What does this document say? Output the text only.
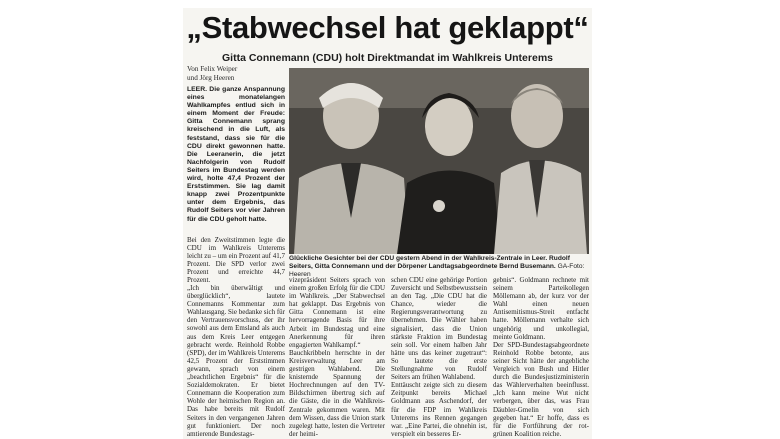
„Stabwechsel hat geklappt“
Gitta Connemann (CDU) holt Direktmandat im Wahlkreis Unterems
Von Felix Weiper
und Jörg Heeren
LEER. Die ganze Anspannung eines monatelangen Wahlkampfes entlud sich in einem Moment der Freude: Gitta Connemann sprang kreischend in die Luft, als feststand, dass sie für die CDU direkt gewonnen hatte. Die Leeranerin, die jetzt Nachfolgerin von Rudolf Seiters im Bundestag werden wird, holte 47,4 Prozent der Erststimmen. Sie lag damit knapp zwei Prozentpunkte unter dem Ergebnis, das Rudolf Seiters vor vier Jahren für die CDU geholt hatte.
Bei den Zweitstimmen legte die CDU im Wahlkreis Unterems leicht zu – um ein Prozent auf 41,7 Prozent. Die SPD verlor zwei Prozent und erreichte 44,7 Prozent.
„Ich bin überwältigt und überglücklich“, lautete Connemanns Kommentar zum Wahlausgang. Sie bedanke sich für den Vertrauensvorschuss, der ihr sowohl aus dem Emsland als auch aus dem Kreis Leer entgegen gebracht werde. Reinhold Robbe (SPD), der im Wahlkreis Unterems 42,5 Prozent der Erststimmen gewann, sprach von einem „beachtlichen Ergebnis“ für die Sozialdemokraten. Er bietet Connemann die Kooperation zum Wohle der heimischen Region an. Das habe bereits mit Rudolf Seiters in den vergangenen Jahren gut funktioniert. Der noch amtierende Bundestags-
Glückliche Gesichter bei der CDU gestern Abend in der Wahlkreis-Zentrale in Leer. Rudolf Seiters, Gitta Connemann und der Dörpener Landtagsabgeordnete Bernd Busemann. GA-Foto: Heeren

vizepräsident Seiters sprach von einem großen Erfolg für die CDU im Wahlkreis. „Der Stabwechsel hat geklappt. Das Ergebnis von Gitta Connemann ist eine hervorragende Basis für ihre Arbeit im Bundestag und eine Anerkennung für ihren engagierten Wahlkampf.“

Bauchkribbeln herrschte in der Kreisverwaltung Leer am gestrigen Wahlabend. Die knisternde Spannung der Hochrechnungen auf den TV-Bildschirmen übertrug sich auf die Gäste, die in die Wahlkreis-Zentrale gekommen waren. Mit dem Wissen, dass die Union stark zugelegt hatte, lesten die Vertreter der heimi-

schen CDU eine gehörige Portion Zuversicht und Selbstbewusstsein an den Tag. „Die CDU hat die Chance, wieder die Regierungsverantwortung zu übernehmen. Die Wähler haben signalisiert, dass die Union stärkste Fraktion im Bundestag sein soll. Vor einem halben Jahr hätte uns das keiner zugetraut“: So lautete die erste Stellungnahme von Rudolf Seiters am frühen Wahlabend.

Enttäuscht zeigte sich zu diesem Zeitpunkt bereits Michael Goldmann aus Aschendorf, der für die FDP im Wahlkreis Unterems ins Rennen gegangen war. „Eine Partei, die ohnehin ist, verspielt ein besseres Er-

gebnis“. Goldmann rechnete mit seinem Parteikollegen Möllemann ab, der kurz vor der Wahl einen neuen Antisemitismus-Streit entfacht hatte. Möllemann verhalte sich ungehörig und unkollegial, meinte Goldmann.

Der SPD-Bundestagsabgeordnete Reinhold Robbe betonte, aus seiner Sicht hätte der angebliche Vergleich von Bush und Hitler durch die Bundesjustizministerin das Wählerverhalten beeinflusst. „Ich kann meine Wut nicht verbergen, über das, was Frau Däubler-Gmelin von sich gegeben hat.“ Er hoffe, dass es für die Fortführung der rot-grünen Koalition reiche.
